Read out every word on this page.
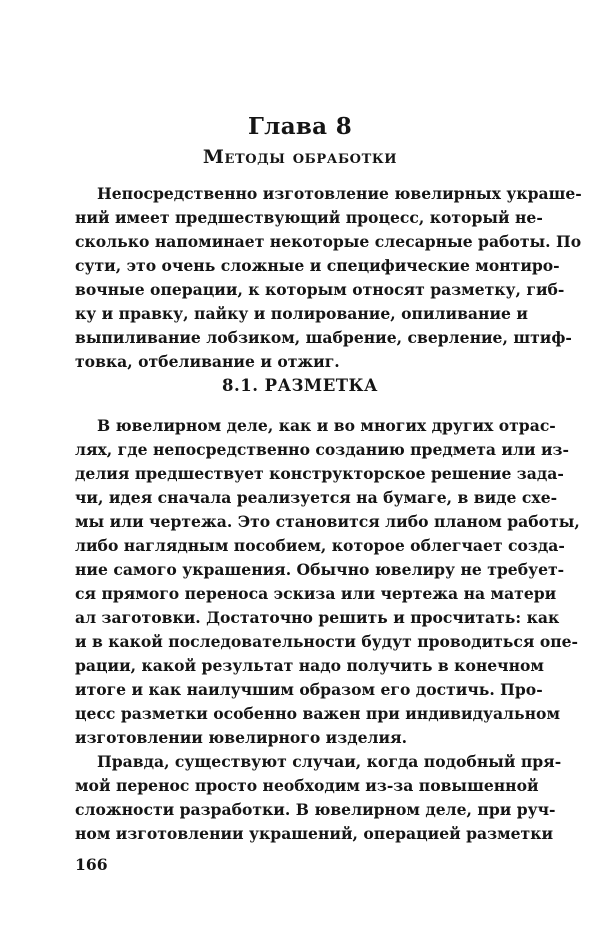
Глава 8
Методы обработки
Непосредственно изготовление ювелирных украше-
ний имеет предшествующий процесс, который не-
сколько напоминает некоторые слесарные работы. По
сути, это очень сложные и специфические монтиро-
вочные операции, к которым относят разметку, гиб-
ку и правку, пайку и полирование, опиливание и
выпиливание лобзиком, шабрение, сверление, штиф-
товка, отбеливание и отжиг.
8.1. РАЗМЕТКА
В ювелирном деле, как и во многих других отрас-
лях, где непосредственно созданию предмета или из-
делия предшествует конструкторское решение зада-
чи, идея сначала реализуется на бумаге, в виде схе-
мы или чертежа. Это становится либо планом работы,
либо наглядным пособием, которое облегчает созда-
ние самого украшения. Обычно ювелиру не требует-
ся прямого переноса эскиза или чертежа на матери
ал заготовки. Достаточно решить и просчитать: как
и в какой последовательности будут проводиться опе-
рации, какой результат надо получить в конечном
итоге и как наилучшим образом его достичь. Про-
цесс разметки особенно важен при индивидуальном
изготовлении ювелирного изделия.
Правда, существуют случаи, когда подобный пря-
мой перенос просто необходим из-за повышенной
сложности разработки. В ювелирном деле, при руч-
ном изготовлении украшений, операцией разметки
166
